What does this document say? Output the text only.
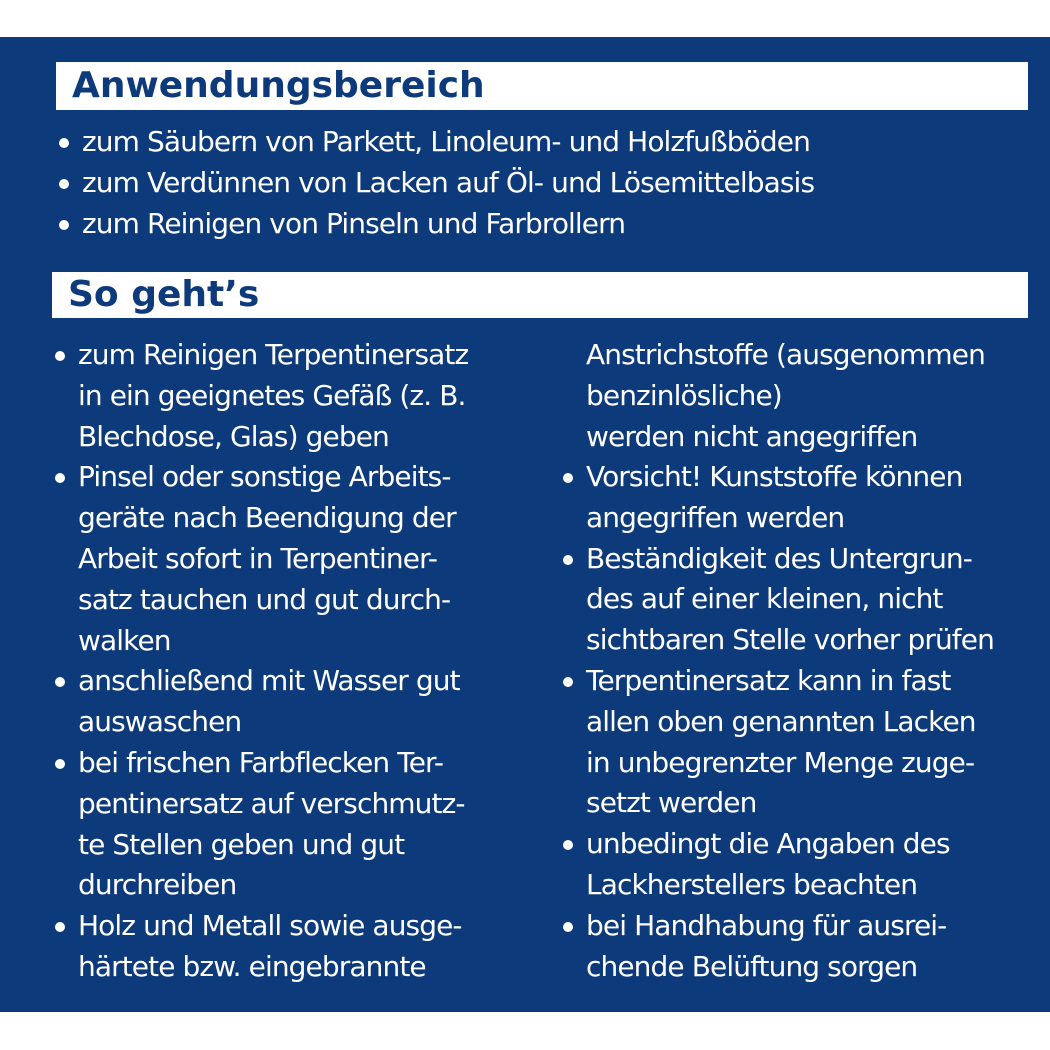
Anwendungsbereich
zum Säubern von Parkett, Linoleum- und Holzfußböden
zum Verdünnen von Lacken auf Öl- und Lösemittelbasis
zum Reinigen von Pinseln und Farbrollern
So geht’s
zum Reinigen Terpentinersatz
in ein geeignetes Gefäß (z. B.
Blechdose, Glas) geben
Pinsel oder sonstige Arbeits-
geräte nach Beendigung der
Arbeit sofort in Terpentiner-
satz tauchen und gut durch-
walken
anschließend mit Wasser gut
auswaschen
bei frischen Farbflecken Ter-
pentinersatz auf verschmutz-
te Stellen geben und gut
durchreiben
Holz und Metall sowie ausge-
härtete bzw. eingebrannte
Anstrichstoffe (ausgenommen
benzinlösliche)
werden nicht angegriffen
Vorsicht! Kunststoffe können
angegriffen werden
Beständigkeit des Untergrun-
des auf einer kleinen, nicht
sichtbaren Stelle vorher prüfen
Terpentinersatz kann in fast
allen oben genannten Lacken
in unbegrenzter Menge zuge-
setzt werden
unbedingt die Angaben des
Lackherstellers beachten
bei Handhabung für ausrei-
chende Belüftung sorgen
